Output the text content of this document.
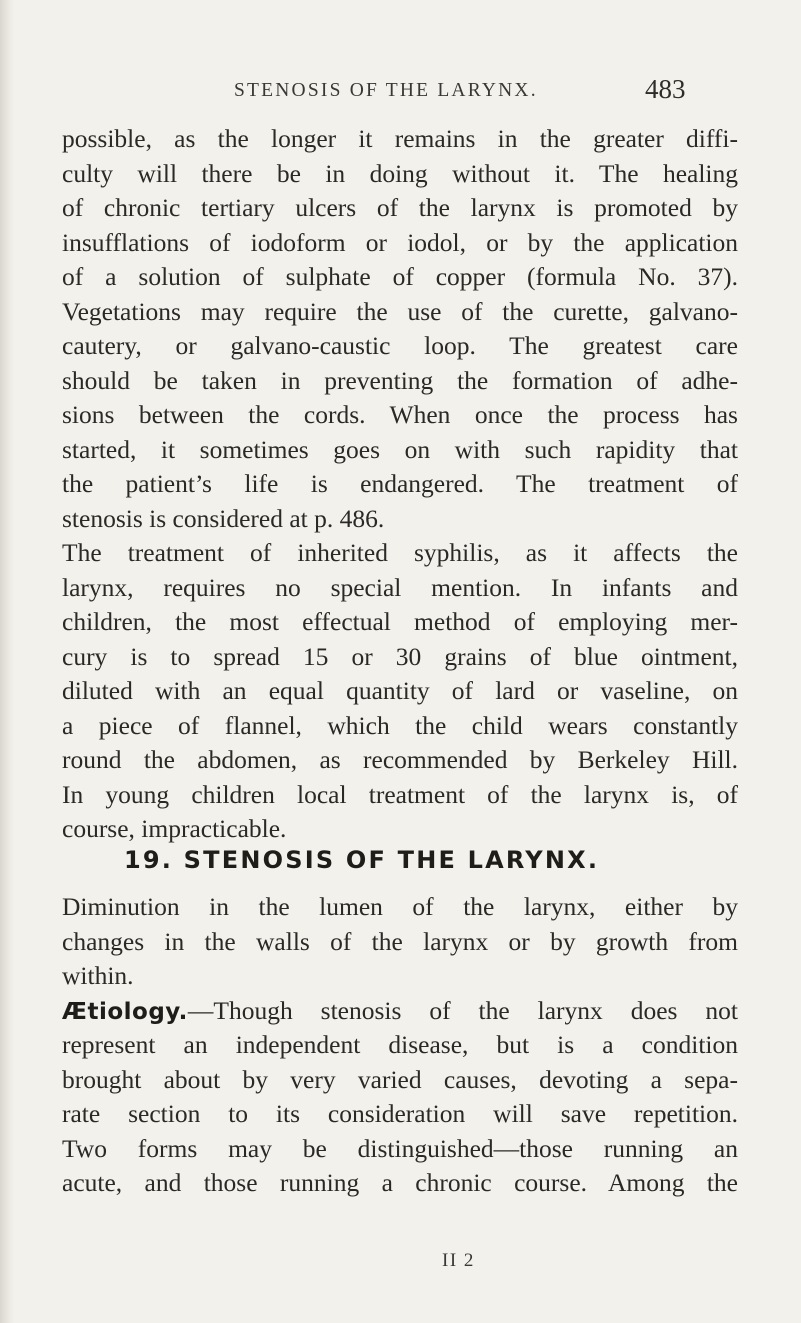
STENOSIS OF THE LARYNX.	483
possible, as the longer it remains in the greater diffi-
culty will there be in doing without it. The healing
of chronic tertiary ulcers of the larynx is promoted by
insufflations of iodoform or iodol, or by the application
of a solution of sulphate of copper (formula No. 37).
Vegetations may require the use of the curette, galvano-
cautery, or galvano-caustic loop. The greatest care
should be taken in preventing the formation of adhe-
sions between the cords. When once the process has
started, it sometimes goes on with such rapidity that
the patient’s life is endangered. The treatment of
stenosis is considered at p. 486.
The treatment of inherited syphilis, as it affects the
larynx, requires no special mention. In infants and
children, the most effectual method of employing mer-
cury is to spread 15 or 30 grains of blue ointment,
diluted with an equal quantity of lard or vaseline, on
a piece of flannel, which the child wears constantly
round the abdomen, as recommended by Berkeley Hill.
In young children local treatment of the larynx is, of
course, impracticable.
19. STENOSIS OF THE LARYNX.
Diminution in the lumen of the larynx, either by
changes in the walls of the larynx or by growth from
within.
Ætiology.—Though stenosis of the larynx does not
represent an independent disease, but is a condition
brought about by very varied causes, devoting a sepa-
rate section to its consideration will save repetition.
Two forms may be distinguished—those running an
acute, and those running a chronic course. Among the
II 2
